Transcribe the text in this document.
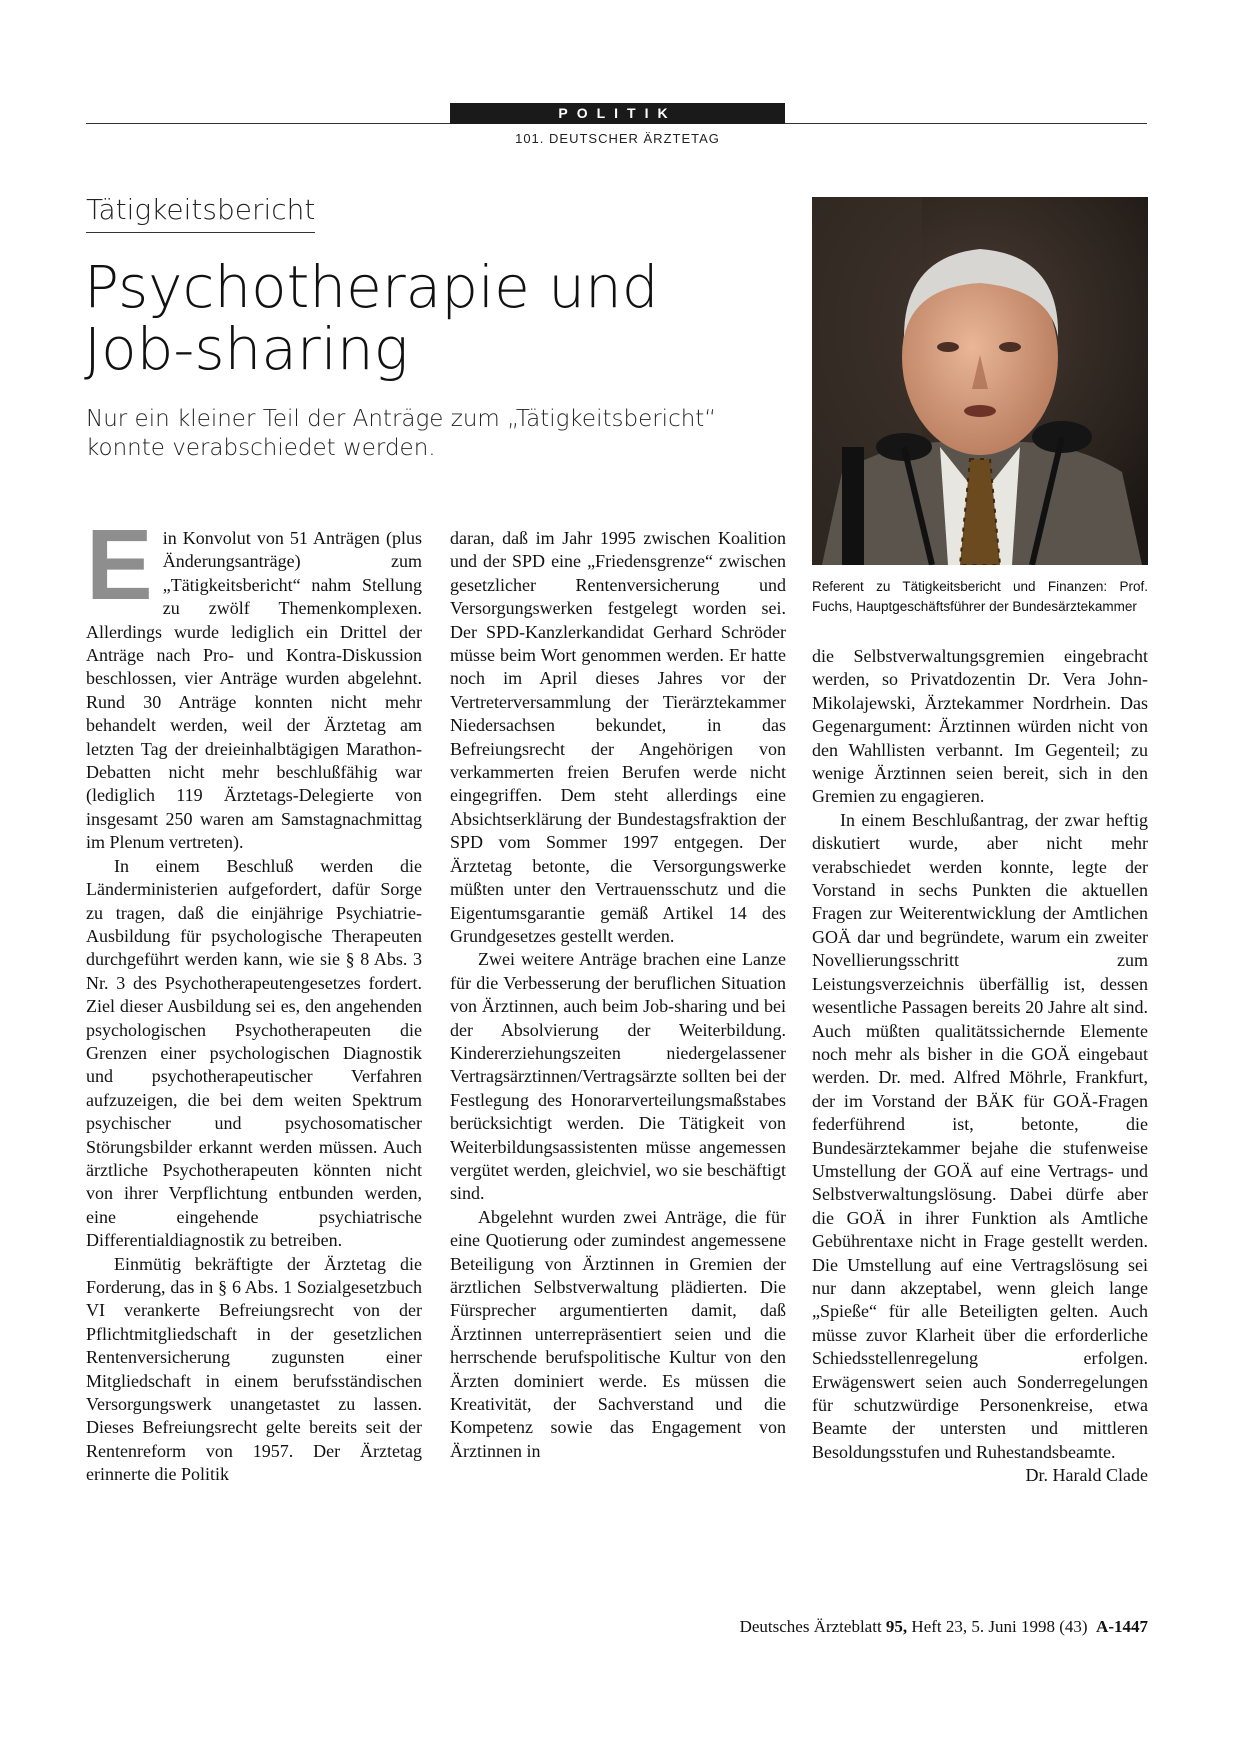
POLITIK
101. DEUTSCHER ÄRZTETAG
Tätigkeitsbericht
Psychotherapie und
Job-sharing

Nur ein kleiner Teil der Anträge zum „Tätigkeitsbericht“
konnte verabschiedet werden.

Referent zu Tätigkeitsbericht und Finanzen: Prof. Fuchs, Hauptgeschäftsführer der Bundesärztekammer

Ein Konvolut von 51 Anträgen (plus Änderungsanträge) zum „Tätigkeitsbericht“ nahm Stellung zu zwölf Themenkomplexen. Allerdings wurde lediglich ein Drittel der Anträge nach Pro- und Kontra-Diskussion beschlossen, vier Anträge wurden abgelehnt. Rund 30 Anträge konnten nicht mehr behandelt werden, weil der Ärztetag am letzten Tag der dreieinhalbtägigen Marathon-Debatten nicht mehr beschlußfähig war (lediglich 119 Ärztetags-Delegierte von insgesamt 250 waren am Samstagnachmittag im Plenum vertreten).

In einem Beschluß werden die Länderministerien aufgefordert, dafür Sorge zu tragen, daß die einjährige Psychiatrie-Ausbildung für psychologische Therapeuten durchgeführt werden kann, wie sie § 8 Abs. 3 Nr. 3 des Psychotherapeutengesetzes fordert. Ziel dieser Ausbildung sei es, den angehenden psychologischen Psychotherapeuten die Grenzen einer psychologischen Diagnostik und psychotherapeutischer Verfahren aufzuzeigen, die bei dem weiten Spektrum psychischer und psychosomatischer Störungsbilder erkannt werden müssen. Auch ärztliche Psychotherapeuten könnten nicht von ihrer Verpflichtung entbunden werden, eine eingehende psychiatrische Differentialdiagnostik zu betreiben.

Einmütig bekräftigte der Ärztetag die Forderung, das in § 6 Abs. 1 Sozialgesetzbuch VI verankerte Befreiungsrecht von der Pflichtmitgliedschaft in der gesetzlichen Rentenversicherung zugunsten einer Mitgliedschaft in einem berufsständischen Versorgungswerk unangetastet zu lassen. Dieses Befreiungsrecht gelte bereits seit der Rentenreform von 1957. Der Ärztetag erinnerte die Politik

daran, daß im Jahr 1995 zwischen Koalition und der SPD eine „Friedensgrenze“ zwischen gesetzlicher Rentenversicherung und Versorgungswerken festgelegt worden sei. Der SPD-Kanzlerkandidat Gerhard Schröder müsse beim Wort genommen werden. Er hatte noch im April dieses Jahres vor der Vertreterversammlung der Tierärztekammer Niedersachsen bekundet, in das Befreiungsrecht der Angehörigen von verkammerten freien Berufen werde nicht eingegriffen. Dem steht allerdings eine Absichtserklärung der Bundestagsfraktion der SPD vom Sommer 1997 entgegen. Der Ärztetag betonte, die Versorgungswerke müßten unter den Vertrauensschutz und die Eigentumsgarantie gemäß Artikel 14 des Grundgesetzes gestellt werden.

Zwei weitere Anträge brachen eine Lanze für die Verbesserung der beruflichen Situation von Ärztinnen, auch beim Job-sharing und bei der Absolvierung der Weiterbildung. Kindererziehungszeiten niedergelassener Vertragsärztinnen/Vertragsärzte sollten bei der Festlegung des Honorarverteilungsmaßstabes berücksichtigt werden. Die Tätigkeit von Weiterbildungsassistenten müsse angemessen vergütet werden, gleichviel, wo sie beschäftigt sind.

Abgelehnt wurden zwei Anträge, die für eine Quotierung oder zumindest angemessene Beteiligung von Ärztinnen in Gremien der ärztlichen Selbstverwaltung plädierten. Die Fürsprecher argumentierten damit, daß Ärztinnen unterrepräsentiert seien und die herrschende berufspolitische Kultur von den Ärzten dominiert werde. Es müssen die Kreativität, der Sachverstand und die Kompetenz sowie das Engagement von Ärztinnen in

die Selbstverwaltungsgremien eingebracht werden, so Privatdozentin Dr. Vera John-Mikolajewski, Ärztekammer Nordrhein. Das Gegenargument: Ärztinnen würden nicht von den Wahllisten verbannt. Im Gegenteil; zu wenige Ärztinnen seien bereit, sich in den Gremien zu engagieren.

In einem Beschlußantrag, der zwar heftig diskutiert wurde, aber nicht mehr verabschiedet werden konnte, legte der Vorstand in sechs Punkten die aktuellen Fragen zur Weiterentwicklung der Amtlichen GOÄ dar und begründete, warum ein zweiter Novellierungsschritt zum Leistungsverzeichnis überfällig ist, dessen wesentliche Passagen bereits 20 Jahre alt sind. Auch müßten qualitätssichernde Elemente noch mehr als bisher in die GOÄ eingebaut werden. Dr. med. Alfred Möhrle, Frankfurt, der im Vorstand der BÄK für GOÄ-Fragen federführend ist, betonte, die Bundesärztekammer bejahe die stufenweise Umstellung der GOÄ auf eine Vertrags- und Selbstverwaltungslösung. Dabei dürfe aber die GOÄ in ihrer Funktion als Amtliche Gebührentaxe nicht in Frage gestellt werden. Die Umstellung auf eine Vertragslösung sei nur dann akzeptabel, wenn gleich lange „Spieße“ für alle Beteiligten gelten. Auch müsse zuvor Klarheit über die erforderliche Schiedsstellenregelung erfolgen. Erwägenswert seien auch Sonderregelungen für schutzwürdige Personenkreise, etwa Beamte der untersten und mittleren Besoldungsstufen und Ruhestandsbeamte.
Dr. Harald Clade

Deutsches Ärzteblatt 95, Heft 23, 5. Juni 1998 (43) A-1447
